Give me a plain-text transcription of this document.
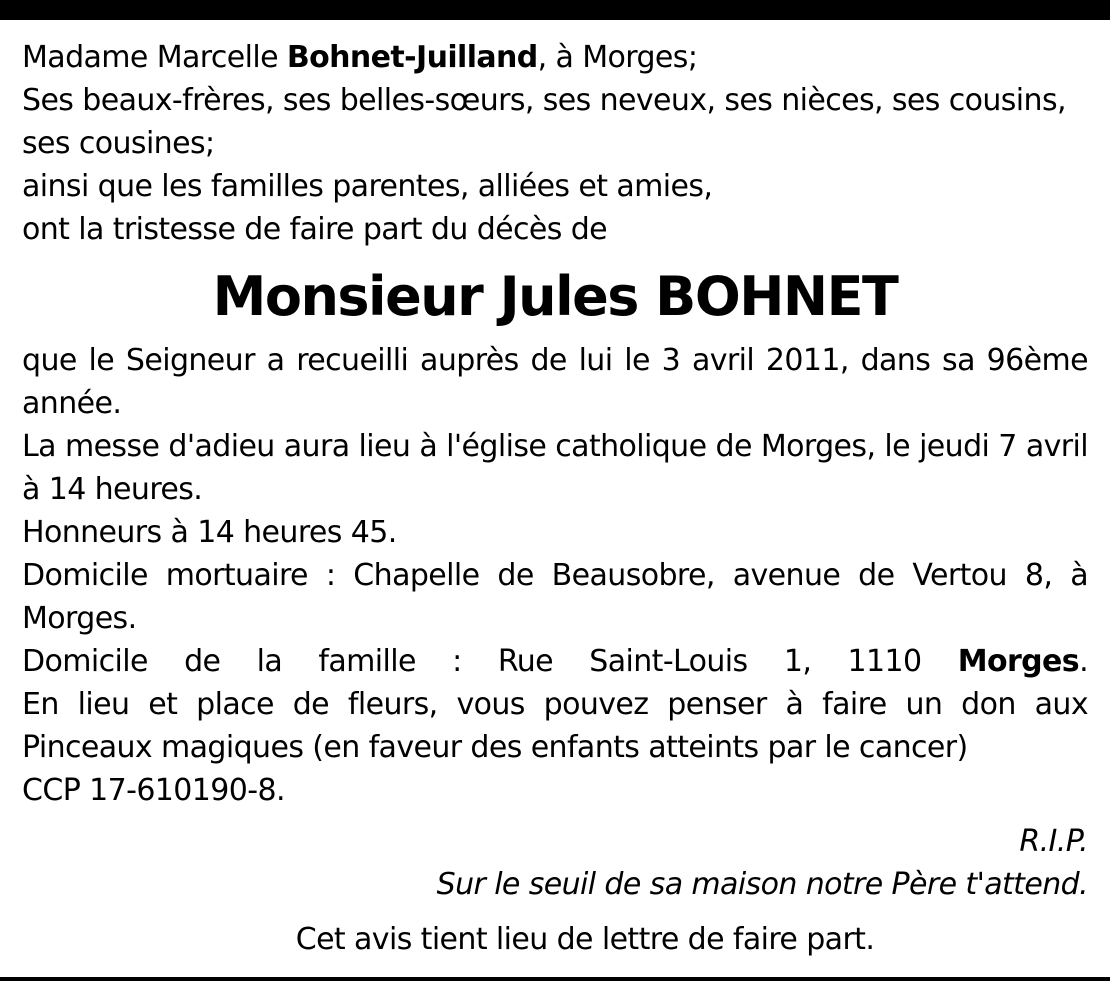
Madame Marcelle Bohnet-Juilland, à Morges;

Ses beaux-frères, ses belles-sœurs, ses neveux, ses nièces, ses cousins, ses cousines;

ainsi que les familles parentes, alliées et amies,

ont la tristesse de faire part du décès de

Monsieur Jules BOHNET

que le Seigneur a recueilli auprès de lui le 3 avril 2011, dans sa 96ème année.

La messe d'adieu aura lieu à l'église catholique de Morges, le jeudi 7 avril à 14 heures.

Honneurs à 14 heures 45.

Domicile mortuaire : Chapelle de Beausobre, avenue de Vertou 8, à Morges.

Domicile de la famille : Rue Saint-Louis 1, 1110 Morges.

En lieu et place de fleurs, vous pouvez penser à faire un don aux Pinceaux magiques (en faveur des enfants atteints par le cancer)

CCP 17-610190-8.

R.I.P.

Sur le seuil de sa maison notre Père t'attend.

Cet avis tient lieu de lettre de faire part.
